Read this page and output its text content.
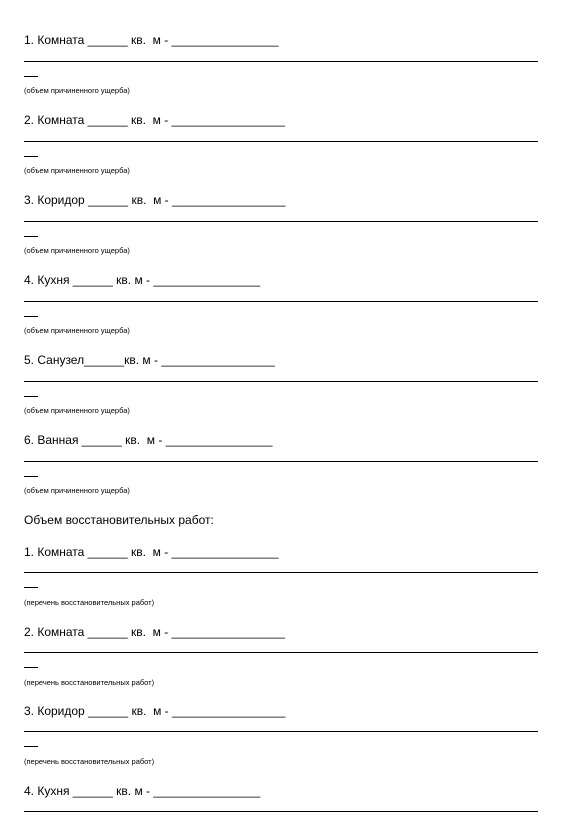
1. Комната ______ кв.  м - ________________
(объем причиненного ущерба)
2. Комната ______ кв.  м - _________________
(объем причиненного ущерба)
3. Коридор ______ кв.  м - _________________
(объем причиненного ущерба)
4. Кухня ______ кв. м - ________________
(объем причиненного ущерба)
5. Санузел______кв. м - _________________
(объем причиненного ущерба)
6. Ванная ______ кв.  м - ________________
(объем причиненного ущерба)
Объем восстановительных работ:
1. Комната ______ кв.  м - ________________
(перечень восстановительных работ)
2. Комната ______ кв.  м - _________________
(перечень восстановительных работ)
3. Коридор ______ кв.  м - _________________
(перечень восстановительных работ)
4. Кухня ______ кв. м - ________________
